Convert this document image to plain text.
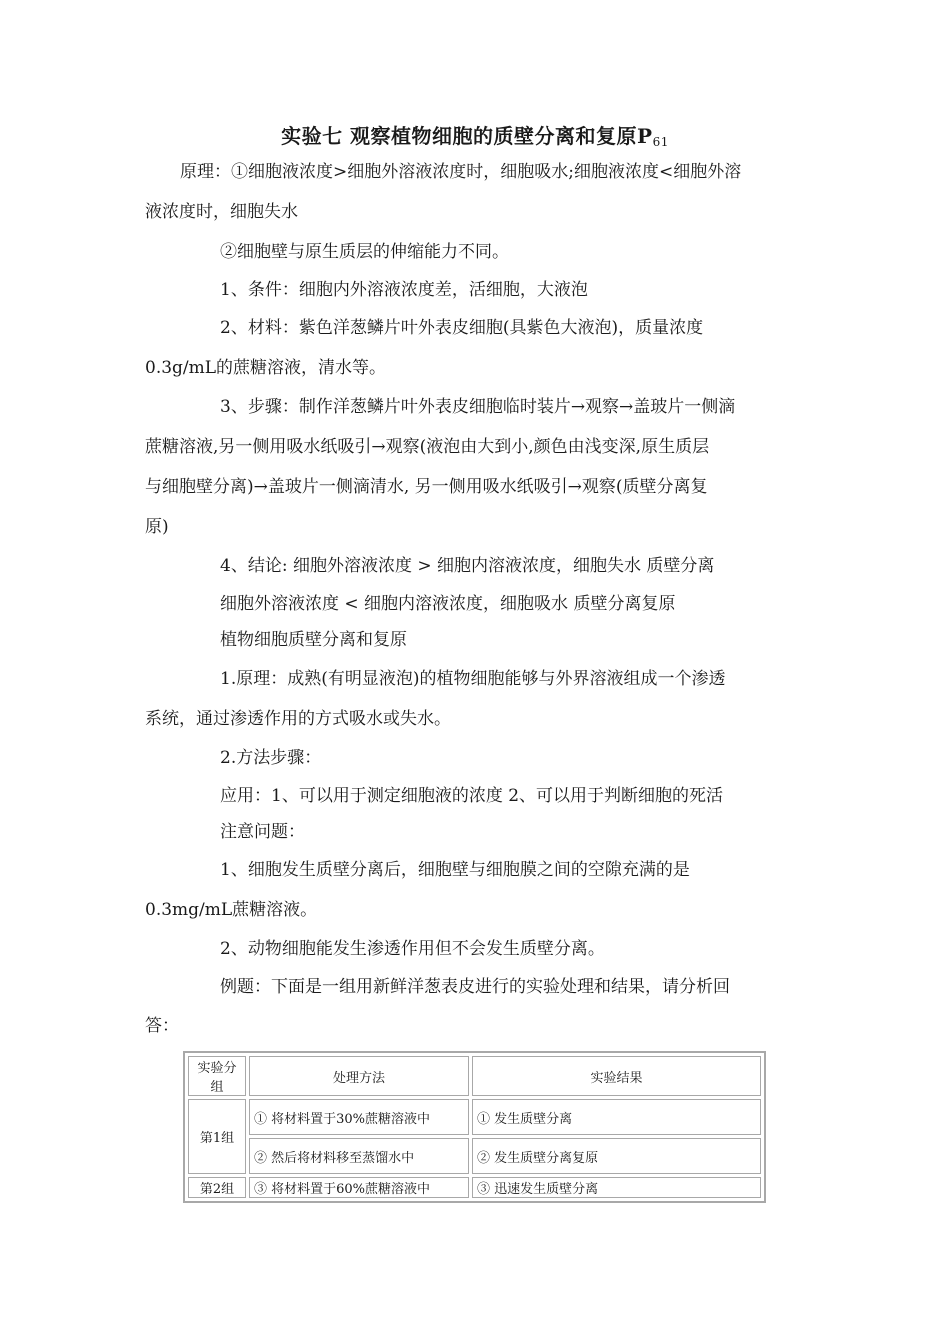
实验七 观察植物细胞的质壁分离和复原$P_{61}$
原理：①细胞液浓度>细胞外溶液浓度时，细胞吸水;细胞液浓度<细胞外溶
液浓度时，细胞失水
②细胞壁与原生质层的伸缩能力不同。
1、条件：细胞内外溶液浓度差，活细胞，大液泡
2、材料：紫色洋葱鳞片叶外表皮细胞(具紫色大液泡)，质量浓度
0.3g/mL的蔗糖溶液，清水等。
3、步骤：制作洋葱鳞片叶外表皮细胞临时装片→观察→盖玻片一侧滴
蔗糖溶液,另一侧用吸水纸吸引→观察(液泡由大到小,颜色由浅变深,原生质层
与细胞壁分离)→盖玻片一侧滴清水, 另一侧用吸水纸吸引→观察(质壁分离复
原)
4、结论: 细胞外溶液浓度 > 细胞内溶液浓度，细胞失水 质壁分离
细胞外溶液浓度 < 细胞内溶液浓度，细胞吸水 质壁分离复原
植物细胞质壁分离和复原
1.原理：成熟(有明显液泡)的植物细胞能够与外界溶液组成一个渗透
系统，通过渗透作用的方式吸水或失水。
2.方法步骤：
应用：1、可以用于测定细胞液的浓度 2、可以用于判断细胞的死活
注意问题：
1、细胞发生质壁分离后，细胞壁与细胞膜之间的空隙充满的是
0.3mg/mL蔗糖溶液。
2、动物细胞能发生渗透作用但不会发生质壁分离。
例题：下面是一组用新鲜洋葱表皮进行的实验处理和结果，请分析回
答：
实验分组	处理方法	实验结果
第1组	① 将材料置于30%蔗糖溶液中	① 发生质壁分离
	② 然后将材料移至蒸馏水中	② 发生质壁分离复原
第2组	③ 将材料置于60%蔗糖溶液中	③ 迅速发生质壁分离
